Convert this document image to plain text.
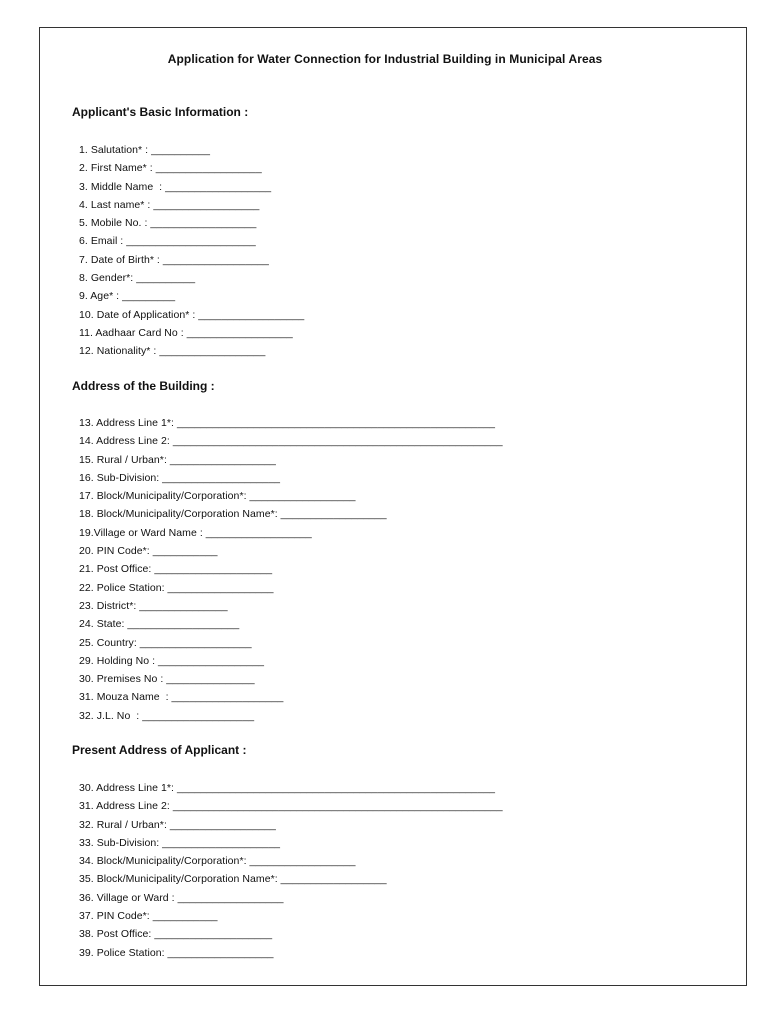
Application for Water Connection for Industrial Building in Municipal Areas
Applicant's Basic Information :
1. Salutation* : __________
2. First Name* : __________________
3. Middle Name  : __________________
4. Last name* : __________________
5. Mobile No. : __________________
6. Email : ______________________
7. Date of Birth* : __________________
8. Gender*: __________
9. Age* : _________
10. Date of Application* : __________________
11. Aadhaar Card No : __________________
12. Nationality* : __________________
Address of the Building :
13. Address Line 1*: ______________________________________________________
14. Address Line 2: ________________________________________________________
15. Rural / Urban*: __________________
16. Sub-Division: ____________________
17. Block/Municipality/Corporation*: __________________
18. Block/Municipality/Corporation Name*: __________________
19.Village or Ward Name : __________________
20. PIN Code*: ___________
21. Post Office: ____________________
22. Police Station: __________________
23. District*: _______________
24. State: ___________________
25. Country: ___________________
29. Holding No : __________________
30. Premises No : _______________
31. Mouza Name  : ___________________
32. J.L. No  : ___________________
Present Address of Applicant :
30. Address Line 1*: ______________________________________________________
31. Address Line 2: ________________________________________________________
32. Rural / Urban*: __________________
33. Sub-Division: ____________________
34. Block/Municipality/Corporation*: __________________
35. Block/Municipality/Corporation Name*: __________________
36. Village or Ward : __________________
37. PIN Code*: ___________
38. Post Office: ____________________
39. Police Station: __________________
